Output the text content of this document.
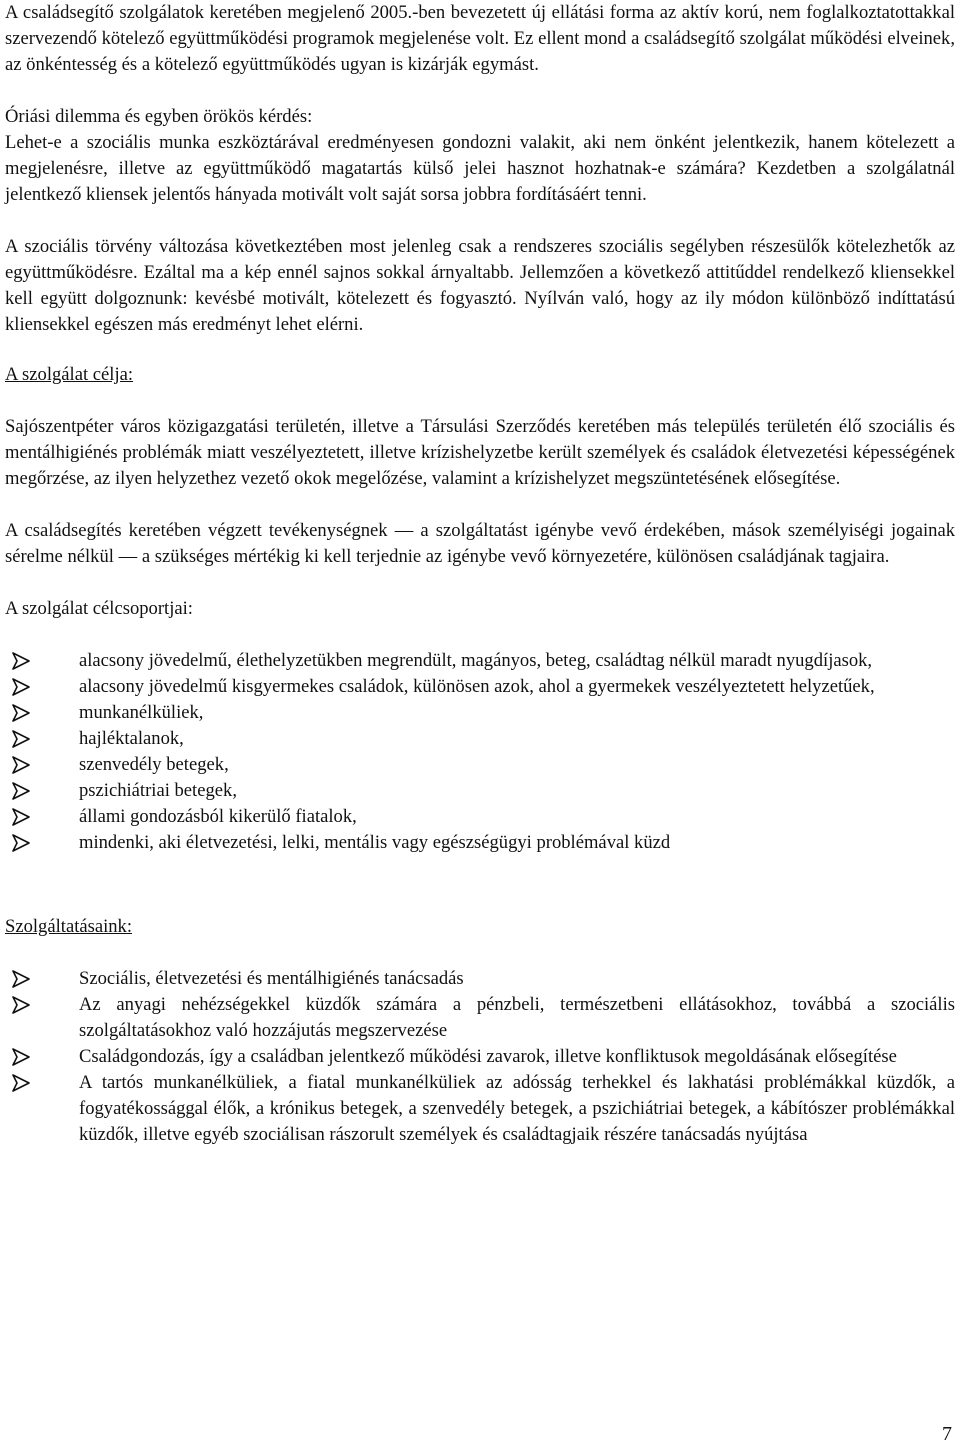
A családsegítő szolgálatok keretében megjelenő 2005.-ben bevezetett új ellátási forma az aktív korú, nem foglalkoztatottakkal szervezendő kötelező együttműködési programok megjelenése volt. Ez ellent mond a családsegítő szolgálat működési elveinek, az önkéntesség és a kötelező együttműködés ugyan is kizárják egymást.

Óriási dilemma és egyben örökös kérdés:

Lehet-e a szociális munka eszköztárával eredményesen gondozni valakit, aki nem önként jelentkezik, hanem kötelezett a megjelenésre, illetve az együttműködő magatartás külső jelei hasznot hozhatnak-e számára? Kezdetben a szolgálatnál jelentkező kliensek jelentős hányada motivált volt saját sorsa jobbra fordításáért tenni.

A szociális törvény változása következtében most jelenleg csak a rendszeres szociális segélyben részesülők kötelezhetők az együttműködésre. Ezáltal ma a kép ennél sajnos sokkal árnyaltabb. Jellemzően a következő attitűddel rendelkező kliensekkel kell együtt dolgoznunk: kevésbé motivált, kötelezett és fogyasztó. Nyílván való, hogy az ily módon különböző indíttatású kliensekkel egészen más eredményt lehet elérni.

A szolgálat célja:

Sajószentpéter város közigazgatási területén, illetve a Társulási Szerződés keretében más település területén élő szociális és mentálhigiénés problémák miatt veszélyeztetett, illetve krízishelyzetbe került személyek és családok életvezetési képességének megőrzése, az ilyen helyzethez vezető okok megelőzése, valamint a krízishelyzet megszüntetésének elősegítése.

A családsegítés keretében végzett tevékenységnek — a szolgáltatást igénybe vevő érdekében, mások személyiségi jogainak sérelme nélkül — a szükséges mértékig ki kell terjednie az igénybe vevő környezetére, különösen családjának tagjaira.

A szolgálat célcsoportjai:

alacsony jövedelmű, élethelyzetükben megrendült, magányos, beteg, családtag nélkül maradt nyugdíjasok,
alacsony jövedelmű kisgyermekes családok, különösen azok, ahol a gyermekek veszélyeztetett helyzetűek,
munkanélküliek,
hajléktalanok,
szenvedély betegek,
pszichiátriai betegek,
állami gondozásból kikerülő fiatalok,
mindenki, aki életvezetési, lelki, mentális vagy egészségügyi problémával küzd

Szolgáltatásaink:

Szociális, életvezetési és mentálhigiénés tanácsadás
Az anyagi nehézségekkel küzdők számára a pénzbeli, természetbeni ellátásokhoz, továbbá a szociális szolgáltatásokhoz való hozzájutás megszervezése
Családgondozás, így a családban jelentkező működési zavarok, illetve konfliktusok megoldásának elősegítése
A tartós munkanélküliek, a fiatal munkanélküliek az adósság terhekkel és lakhatási problémákkal küzdők, a fogyatékossággal élők, a krónikus betegek, a szenvedély betegek, a pszichiátriai betegek, a kábítószer problémákkal küzdők, illetve egyéb szociálisan rászorult személyek és családtagjaik részére tanácsadás nyújtása
7
